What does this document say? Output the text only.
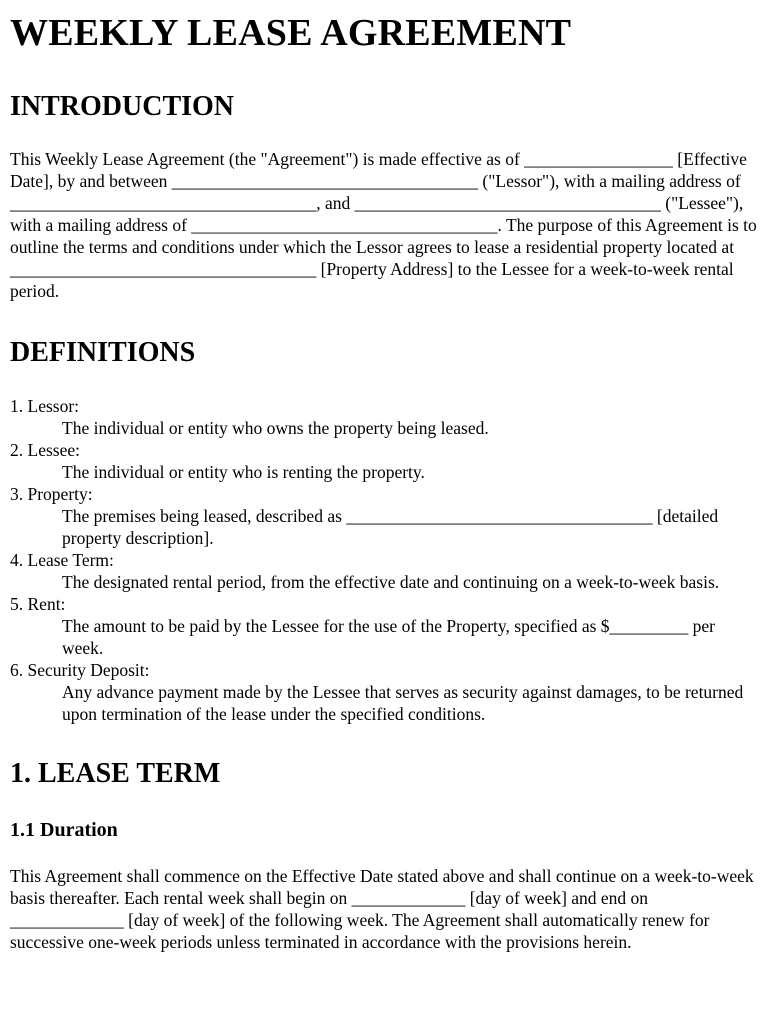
WEEKLY LEASE AGREEMENT
INTRODUCTION

This Weekly Lease Agreement (the "Agreement") is made effective as of _________________ [Effective Date], by and between ___________________________________ ("Lessor"), with a mailing address of ___________________________________, and ___________________________________ ("Lessee"), with a mailing address of ___________________________________. The purpose of this Agreement is to outline the terms and conditions under which the Lessor agrees to lease a residential property located at ___________________________________ [Property Address] to the Lessee for a week-to-week rental period.

DEFINITIONS
1. Lessor:
The individual or entity who owns the property being leased.
2. Lessee:
The individual or entity who is renting the property.
3. Property:
The premises being leased, described as ___________________________________ [detailed property description].
4. Lease Term:
The designated rental period, from the effective date and continuing on a week-to-week basis.
5. Rent:
The amount to be paid by the Lessee for the use of the Property, specified as $_________ per week.
6. Security Deposit:
Any advance payment made by the Lessee that serves as security against damages, to be returned upon termination of the lease under the specified conditions.
1. LEASE TERM
1.1 Duration

This Agreement shall commence on the Effective Date stated above and shall continue on a week-to-week basis thereafter. Each rental week shall begin on _____________ [day of week] and end on _____________ [day of week] of the following week. The Agreement shall automatically renew for successive one-week periods unless terminated in accordance with the provisions herein.
